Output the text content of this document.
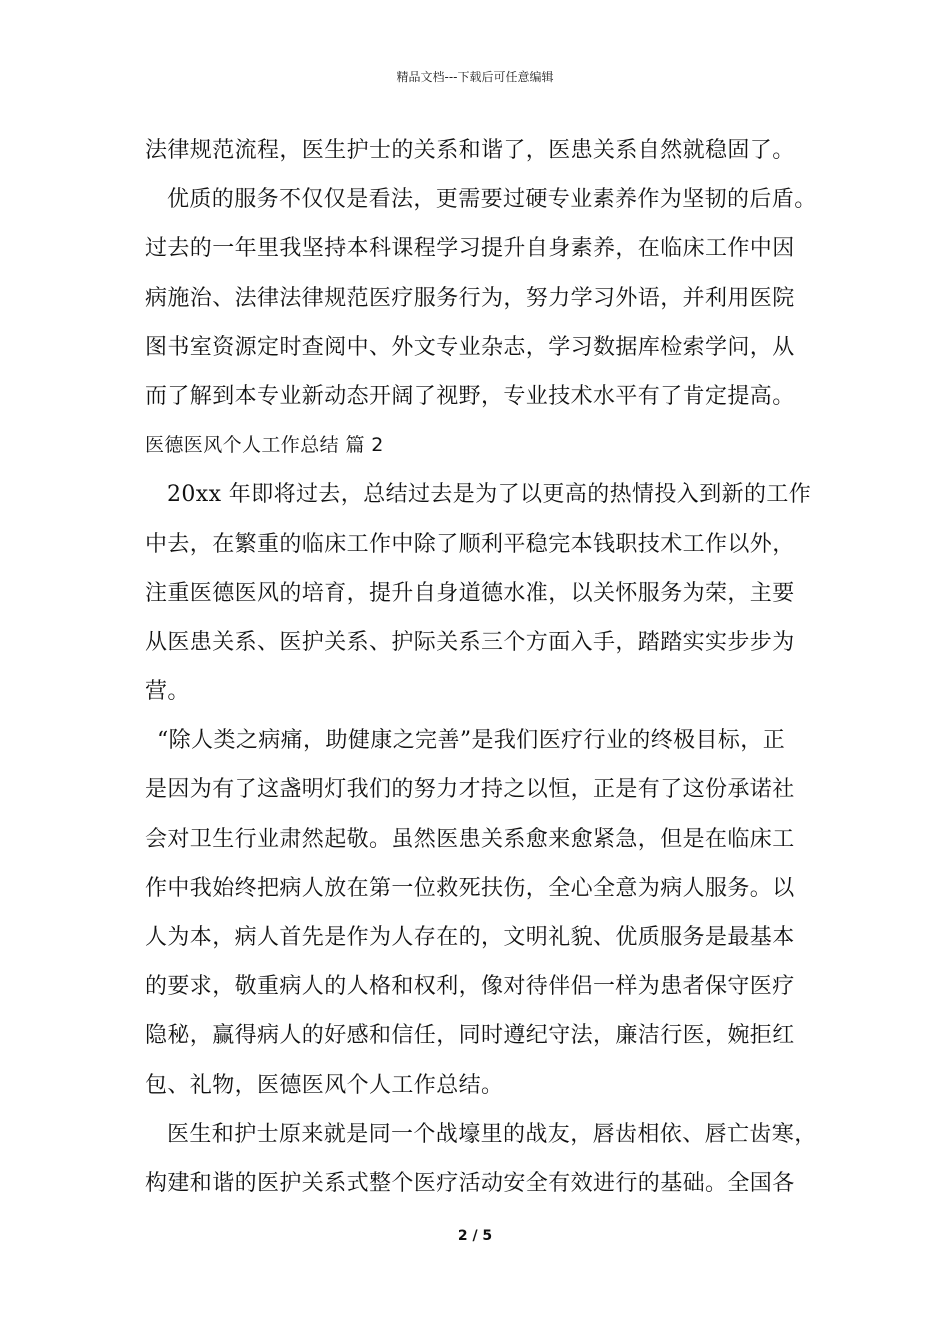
精品文档---下载后可任意编辑
法律规范流程，医生护士的关系和谐了，医患关系自然就稳固了。
优质的服务不仅仅是看法，更需要过硬专业素养作为坚韧的后盾。
过去的一年里我坚持本科课程学习提升自身素养，在临床工作中因
病施治、法律法律规范医疗服务行为，努力学习外语，并利用医院
图书室资源定时查阅中、外文专业杂志，学习数据库检索学问，从
而了解到本专业新动态开阔了视野，专业技术水平有了肯定提高。
医德医风个人工作总结 篇 2
20xx 年即将过去，总结过去是为了以更高的热情投入到新的工作
中去，在繁重的临床工作中除了顺利平稳完本钱职技术工作以外，
注重医德医风的培育，提升自身道德水准，以关怀服务为荣，主要
从医患关系、医护关系、护际关系三个方面入手，踏踏实实步步为
营。
“除人类之病痛，助健康之完善”是我们医疗行业的终极目标，正
是因为有了这盏明灯我们的努力才持之以恒，正是有了这份承诺社
会对卫生行业肃然起敬。虽然医患关系愈来愈紧急，但是在临床工
作中我始终把病人放在第一位救死扶伤，全心全意为病人服务。以
人为本，病人首先是作为人存在的，文明礼貌、优质服务是最基本
的要求，敬重病人的人格和权利，像对待伴侣一样为患者保守医疗
隐秘，赢得病人的好感和信任，同时遵纪守法，廉洁行医，婉拒红
包、礼物，医德医风个人工作总结。
医生和护士原来就是同一个战壕里的战友，唇齿相依、唇亡齿寒，
构建和谐的医护关系式整个医疗活动安全有效进行的基础。全国各
2 / 5
